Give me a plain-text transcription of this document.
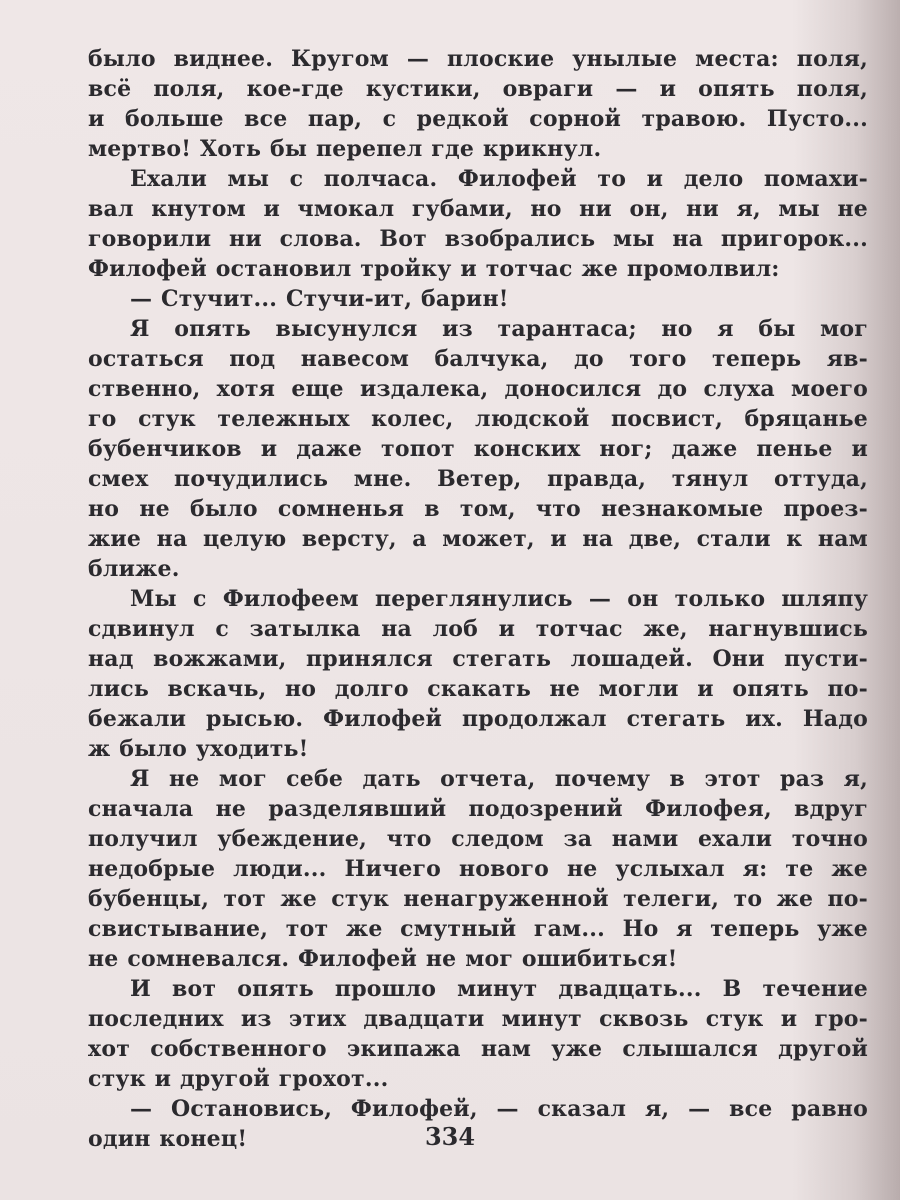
было виднее. Кругом — плоские унылые места: поля,
всё поля, кое-где кустики, овраги — и опять поля,
и больше все пар, с редкой сорной травою. Пусто...
мертво! Хоть бы перепел где крикнул.
Ехали мы с полчаса. Филофей то и дело помахи-
вал кнутом и чмокал губами, но ни он, ни я, мы не
говорили ни слова. Вот взобрались мы на пригорок...
Филофей остановил тройку и тотчас же промолвил:
— Стучит... Стучи-ит, барин!
Я опять высунулся из тарантаса; но я бы мог
остаться под навесом балчука, до того теперь яв-
ственно, хотя еще издалека, доносился до слуха моего
го стук тележных колес, людской посвист, бряцанье
бубенчиков и даже топот конских ног; даже пенье и
смех почудились мне. Ветер, правда, тянул оттуда,
но не было сомненья в том, что незнакомые проез-
жие на целую версту, а может, и на две, стали к нам
ближе.
Мы с Филофеем переглянулись — он только шляпу
сдвинул с затылка на лоб и тотчас же, нагнувшись
над вожжами, принялся стегать лошадей. Они пусти-
лись вскачь, но долго скакать не могли и опять по-
бежали рысью. Филофей продолжал стегать их. Надо
ж было уходить!
Я не мог себе дать отчета, почему в этот раз я,
сначала не разделявший подозрений Филофея, вдруг
получил убеждение, что следом за нами ехали точно
недобрые люди... Ничего нового не услыхал я: те же
бубенцы, тот же стук ненагруженной телеги, то же по-
свистывание, тот же смутный гам... Но я теперь уже
не сомневался. Филофей не мог ошибиться!
И вот опять прошло минут двадцать... В течение
последних из этих двадцати минут сквозь стук и гро-
хот собственного экипажа нам уже слышался другой
стук и другой грохот...
— Остановись, Филофей, — сказал я, — все равно
один конец!	334
